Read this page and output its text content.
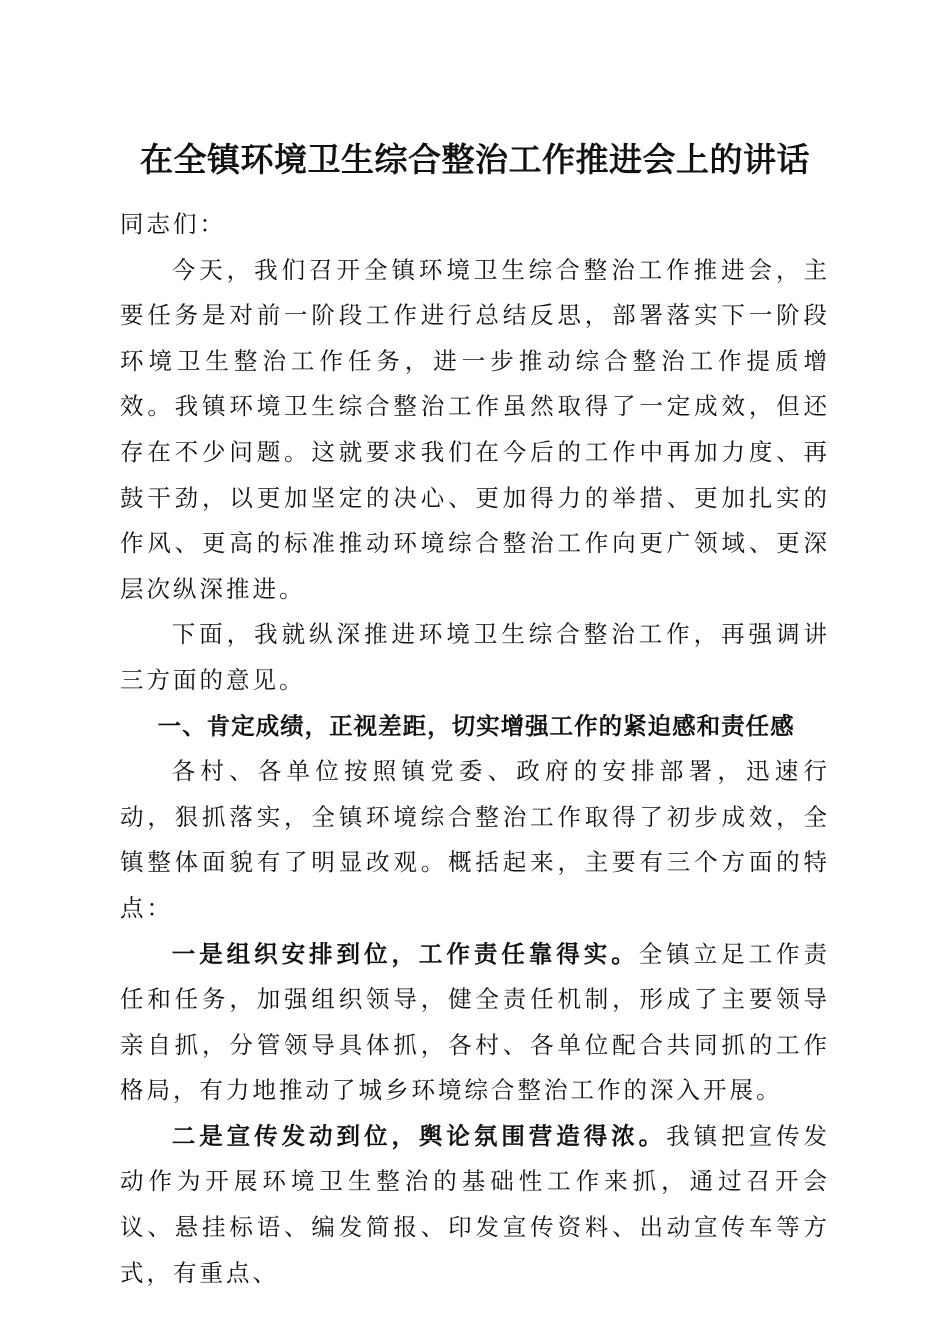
在全镇环境卫生综合整治工作推进会上的讲话

同志们：

今天，我们召开全镇环境卫生综合整治工作推进会，主要任务是对前一阶段工作进行总结反思，部署落实下一阶段环境卫生整治工作任务，进一步推动综合整治工作提质增效。我镇环境卫生综合整治工作虽然取得了一定成效，但还存在不少问题。这就要求我们在今后的工作中再加力度、再鼓干劲，以更加坚定的决心、更加得力的举措、更加扎实的作风、更高的标准推动环境综合整治工作向更广领域、更深层次纵深推进。

下面，我就纵深推进环境卫生综合整治工作，再强调讲三方面的意见。

一、肯定成绩，正视差距，切实增强工作的紧迫感和责任感

各村、各单位按照镇党委、政府的安排部署，迅速行动，狠抓落实，全镇环境综合整治工作取得了初步成效，全镇整体面貌有了明显改观。概括起来，主要有三个方面的特点：

一是组织安排到位，工作责任靠得实。全镇立足工作责任和任务，加强组织领导，健全责任机制，形成了主要领导亲自抓，分管领导具体抓，各村、各单位配合共同抓的工作格局，有力地推动了城乡环境综合整治工作的深入开展。

二是宣传发动到位，舆论氛围营造得浓。我镇把宣传发动作为开展环境卫生整治的基础性工作来抓，通过召开会议、悬挂标语、编发简报、印发宣传资料、出动宣传车等方式，有重点、
